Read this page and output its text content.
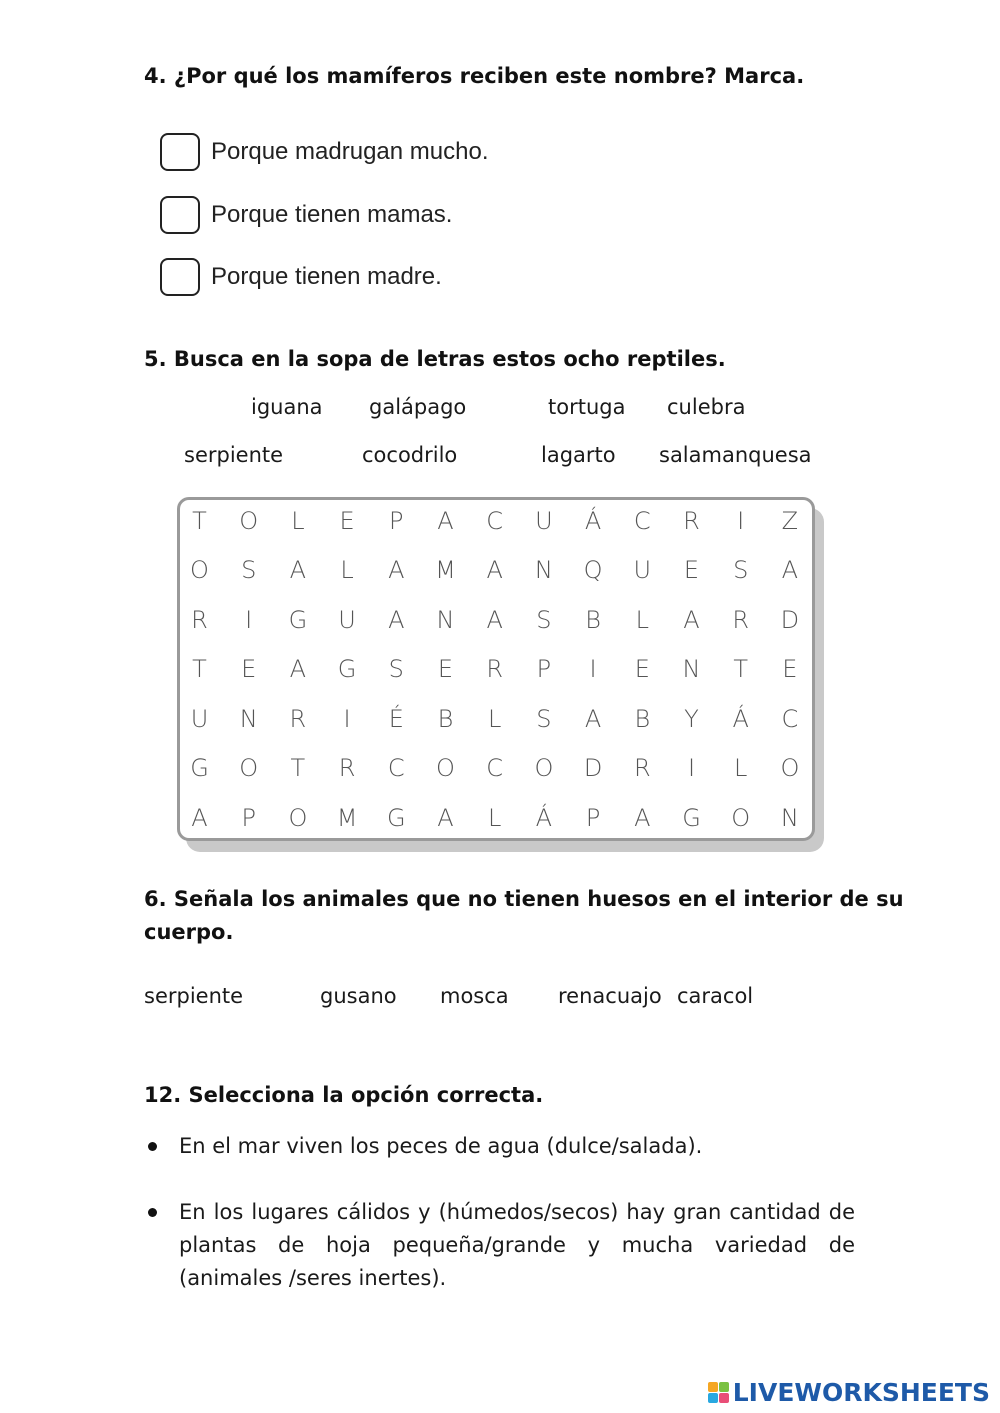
4. ¿Por qué los mamíferos reciben este nombre? Marca.
Porque madrugan mucho.
Porque tienen mamas.
Porque tienen madre.
5. Busca en la sopa de letras estos ocho reptiles.
iguana galápago	tortuga culebra
serpiente	cocodrilo	lagarto salamanquesa
T	O	L	E	P	A	C	U	Á	C	R	I	Z
O	S	A	L	A	M	A	N	Q	U	E	S	A
R	I	G	U	A	N	A	S	B	L	A	R	D
T	E	A	G	S	E	R	P	I	E	N	T	E
U	N	R	I	É	B	L	S	A	B	Y	Á	C
G	O	T	R	C	O	C	O	D	R	I	L	O
A	P	O	M	G	A	L	Á	P	A	G	O	N
6. Señala los animales que no tienen huesos en el interior de su
cuerpo.
serpiente	gusano mosca renacuajo caracol
12. Selecciona la opción correcta.
En el mar viven los peces de agua (dulce/salada).
En los lugares cálidos y (húmedos/secos) hay gran cantidad de plantas de hoja pequeña/grande y mucha variedad de (animales /seres inertes).
LIVEWORKSHEETS
